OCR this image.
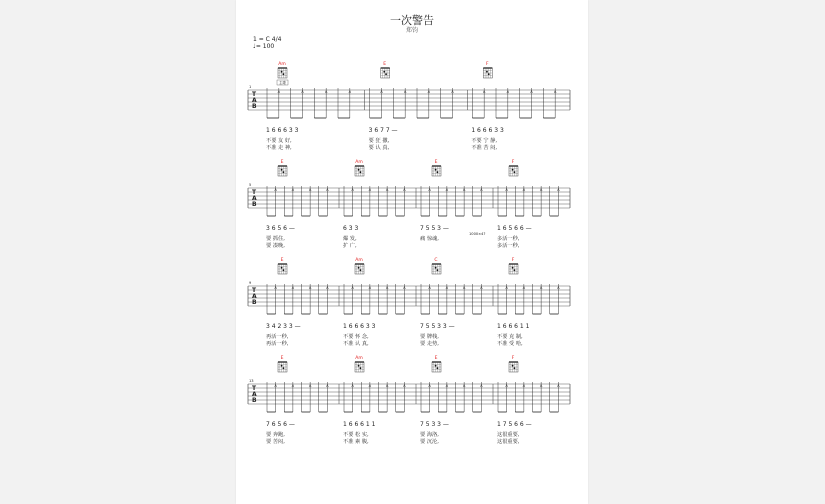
一次警告
郑钧
1 = C 4/4
♩= 100
T
A
B
1
Am
主歌
1 6 6 6 3 3
不要 友 好,
不准 走 神,
E
3 6 7 7 —
要 狂 撒,
要 认 真,
F
1 6 6 6 3 3
不要 宁 静,
不准 苦 闷,
T
A
B
5
E
3 6 5 6 —
要 抓住,
要 凑晚,
Am
6 3 3
爆 发,
扩 广,
E
7 5 5 3 —
痛 惊魂,
1000×4?
F
1 6 5 6 6 —
多活一秒,
多活一秒,
T
A
B
9
E
3 4 2 3 3 —
再活一秒,
再活一秒,
Am
1 6 6 6 3 3
不要 怀 念,
不准 认 真,
C
7 5 5 3 3 —
要 牌栈,
要 走势,
F
1 6 6 6 1 1
不要 克 制,
不准 受 哈,
T
A
B
13
E
7 6 5 6 —
要 奔跑,
要 苦闷,
Am
1 6 6 6 1 1
不要 松 实,
不准 素 腹,
E
7 5 3 3 —
要 海洛,
要 沉沦,
F
1 7 5 6 6 —
这很重要,
这很重要,
